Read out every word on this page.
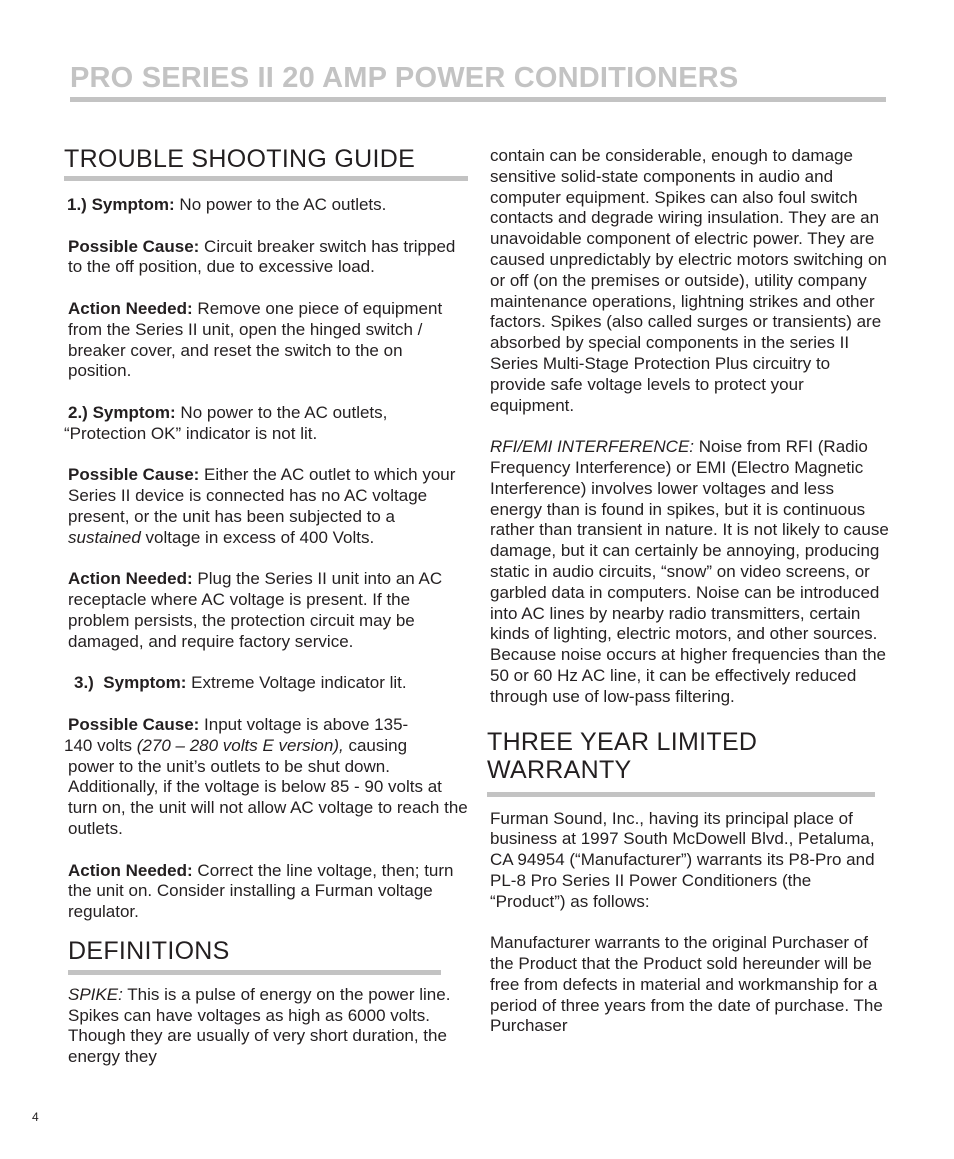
PRO SERIES II 20 AMP POWER CONDITIONERS
TROUBLE SHOOTING GUIDE

1.) Symptom: No power to the AC outlets.

Possible Cause: Circuit breaker switch has tripped to the off position, due to excessive load.

Action Needed: Remove one piece of equipment from the Series II unit, open the hinged switch / breaker cover, and reset the switch to the on position.

2.) Symptom: No power to the AC outlets,
“Protection OK” indicator is not lit.

Possible Cause: Either the AC outlet to which your Series II device is connected has no AC voltage present, or the unit has been subjected to a sustained voltage in excess of 400 Volts.

Action Needed: Plug the Series II unit into an AC receptacle where AC voltage is present. If the problem persists, the protection circuit may be damaged, and require factory service.

3.) Symptom: Extreme Voltage indicator lit.

Possible Cause: Input voltage is above 135-
140 volts (270 – 280 volts E version), causing

power to the unit’s outlets to be shut down. Additionally, if the voltage is below 85 - 90 volts at turn on, the unit will not allow AC voltage to reach the outlets.

Action Needed: Correct the line voltage, then; turn the unit on. Consider installing a Furman voltage regulator.

DEFINITIONS

SPIKE: This is a pulse of energy on the power line. Spikes can have voltages as high as 6000 volts. Though they are usually of very short duration, the energy they

contain can be considerable, enough to damage sensitive solid-state components in audio and computer equipment. Spikes can also foul switch contacts and degrade wiring insulation. They are an unavoidable component of electric power. They are caused unpredictably by electric motors switching on or off (on the premises or outside), utility company maintenance operations, lightning strikes and other factors. Spikes (also called surges or transients) are absorbed by special components in the series II Series Multi-Stage Protection Plus circuitry to provide safe voltage levels to protect your equipment.

RFI/EMI INTERFERENCE: Noise from RFI (Radio Frequency Interference) or EMI (Electro Magnetic Interference) involves lower voltages and less energy than is found in spikes, but it is continuous rather than transient in nature. It is not likely to cause damage, but it can certainly be annoying, producing static in audio circuits, “snow” on video screens, or garbled data in computers. Noise can be introduced into AC lines by nearby radio transmitters, certain kinds of lighting, electric motors, and other sources. Because noise occurs at higher frequencies than the 50 or 60 Hz AC line, it can be effectively reduced through use of low-pass filtering.

THREE YEAR LIMITED
WARRANTY

Furman Sound, Inc., having its principal place of business at 1997 South McDowell Blvd., Petaluma, CA 94954 (“Manufacturer”) warrants its P8-Pro and PL-8 Pro Series II Power Conditioners (the “Product”) as follows:

Manufacturer warrants to the original Purchaser of the Product that the Product sold hereunder will be free from defects in material and workmanship for a period of three years from the date of purchase. The Purchaser

4
